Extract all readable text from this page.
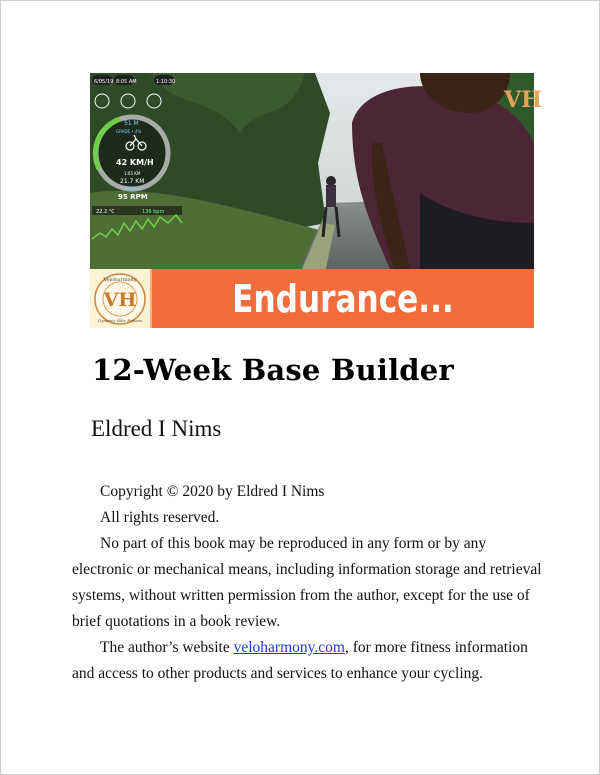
VH
6/05/19 8:05 AM	1:10:30
51 M
GRADE • 4%
42 KM/H
1:05 KM
21.7 KM
CADENCE
95 RPM
22.2 °C	136 bpm
VH
Veloharmony
Dynamic Bike Fitness	Endurance...
12-Week Base Builder
Eldred I Nims

Copyright © 2020 by Eldred I Nims

All rights reserved.

No part of this book may be reproduced in any form or by any electronic or mechanical means, including information storage and retrieval systems, without written permission from the author, except for the use of brief quotations in a book review.

The author’s website veloharmony.com, for more fitness information and access to other products and services to enhance your cycling.
